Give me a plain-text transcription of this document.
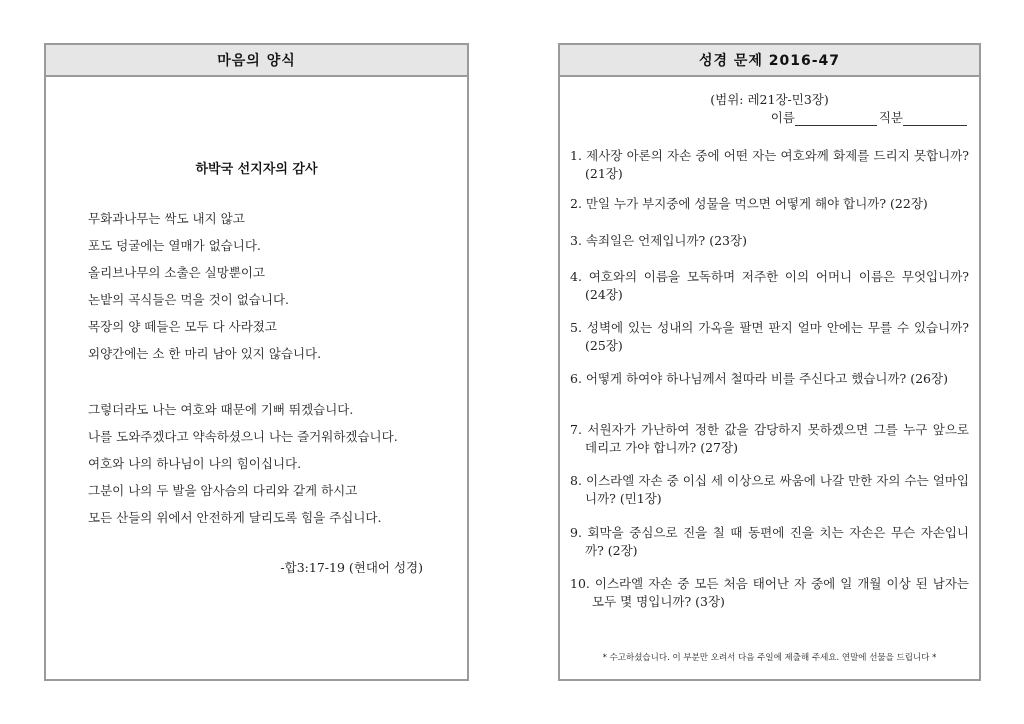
마음의 양식
하박국 선지자의 감사
무화과나무는 싹도 내지 않고
포도 덩굴에는 열매가 없습니다.
올리브나무의 소출은 실망뿐이고
논밭의 곡식들은 먹을 것이 없습니다.
목장의 양 떼들은 모두 다 사라졌고
외양간에는 소 한 마리 남아 있지 않습니다.
그렇더라도 나는 여호와 때문에 기뻐 뛰겠습니다.
나를 도와주겠다고 약속하셨으니 나는 즐거워하겠습니다.
여호와 나의 하나님이 나의 힘이십니다.
그분이 나의 두 발을 암사슴의 다리와 같게 하시고
모든 산들의 위에서 안전하게 달리도록 힘을 주십니다.
-합3:17-19 (현대어 성경)
성경 문제 2016-47
(범위: 레21장-민3장)
이름	직분
1. 제사장 아론의 자손 중에 어떤 자는 여호와께 화제를 드리지 못합니까? (21장)
2. 만일 누가 부지중에 성물을 먹으면 어떻게 해야 합니까? (22장)
3. 속죄일은 언제입니까? (23장)
4. 여호와의 이름을 모독하며 저주한 이의 어머니 이름은 무엇입니까? (24장)
5. 성벽에 있는 성내의 가옥을 팔면 판지 얼마 안에는 무를 수 있습니까? (25장)
6. 어떻게 하여야 하나님께서 철따라 비를 주신다고 했습니까? (26장)
7. 서원자가 가난하여 정한 값을 감당하지 못하겠으면 그를 누구 앞으로 데리고 가야 합니까? (27장)
8. 이스라엘 자손 중 이십 세 이상으로 싸움에 나갈 만한 자의 수는 얼마입니까? (민1장)
9. 회막을 중심으로 진을 칠 때 동편에 진을 치는 자손은 무슨 자손입니까? (2장)
10. 이스라엘 자손 중 모든 처음 태어난 자 중에 일 개월 이상 된 남자는 모두 몇 명입니까? (3장)
* 수고하셨습니다. 이 부분만 오려서 다음 주일에 제출해 주세요. 연말에 선물을 드립니다 *
